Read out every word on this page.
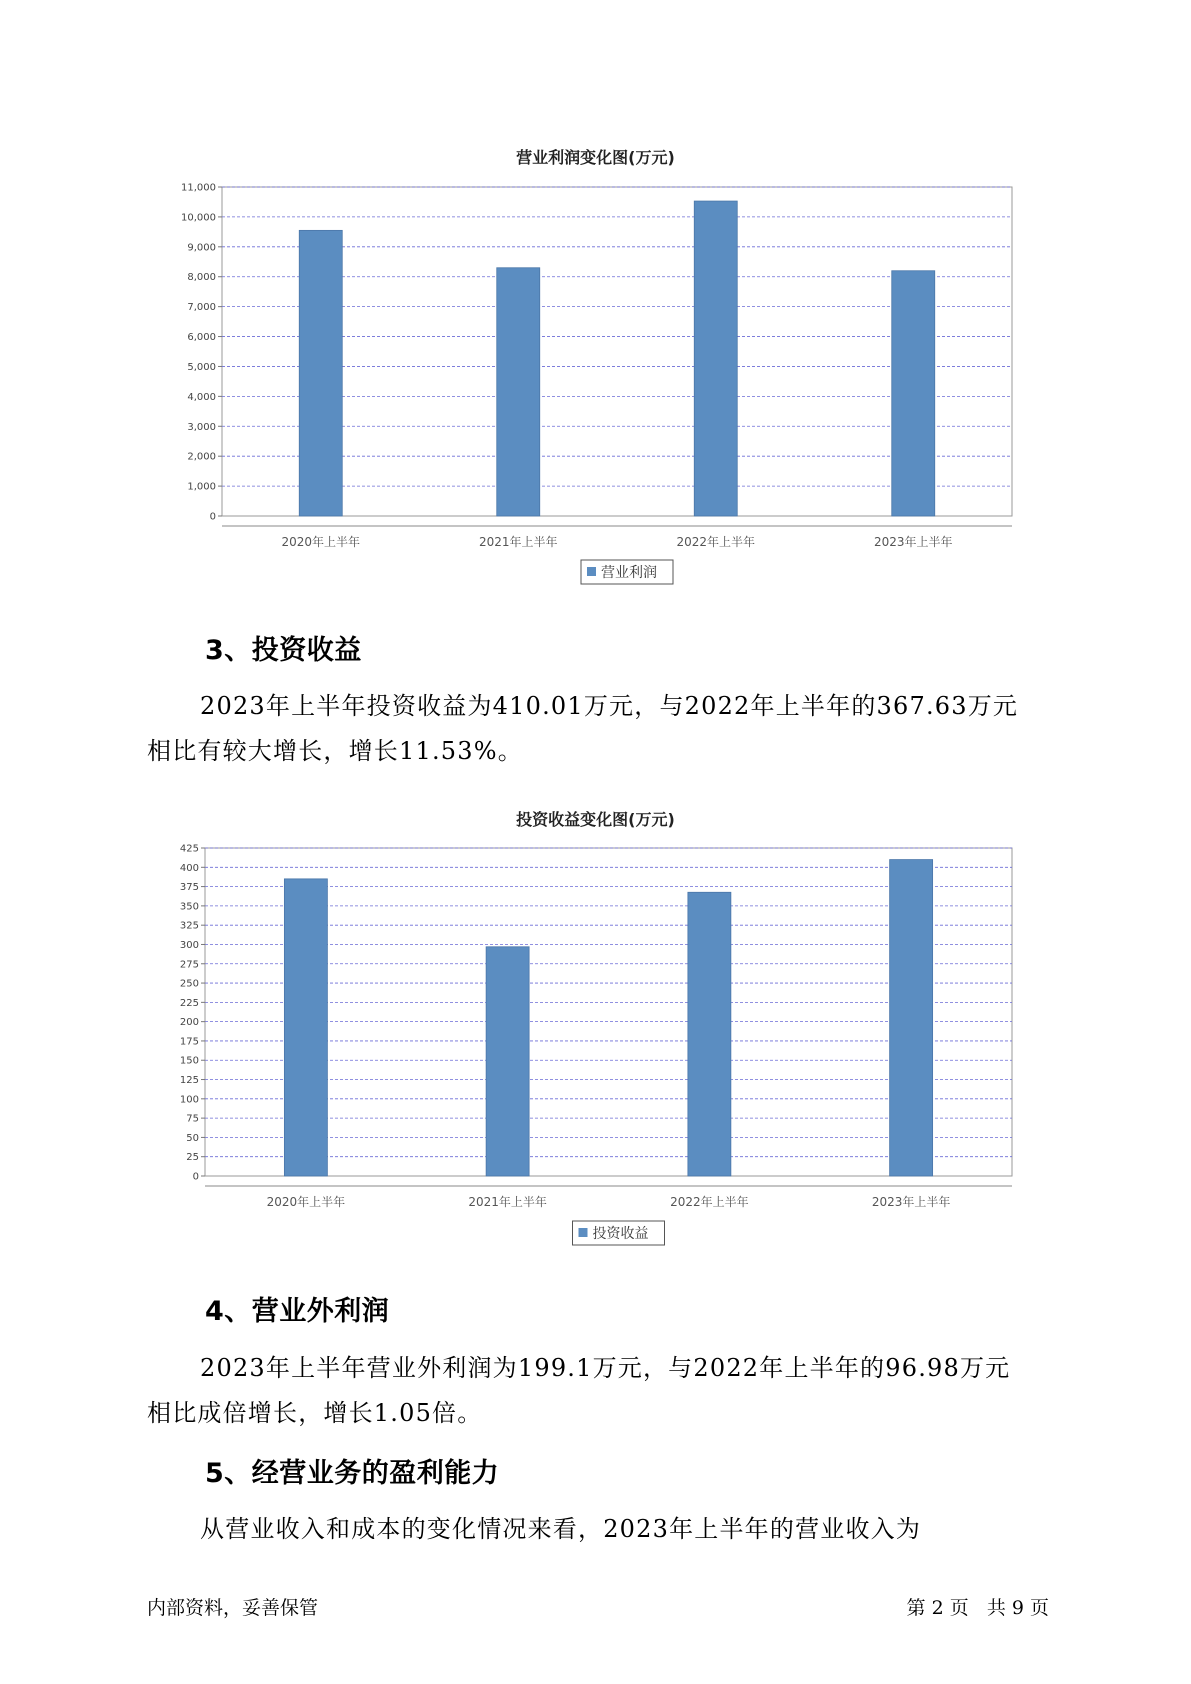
营业利润变化图(万元)
0
1,000
2,000
3,000
4,000
5,000
6,000
7,000
8,000
9,000
10,000
11,000
2020年上半年	2021年上半年	2022年上半年	2023年上半年
营业利润
3、投资收益
2023年上半年投资收益为410.01万元，与2022年上半年的367.63万元
相比有较大增长，增长11.53%。
投资收益变化图(万元)
0
25
50
75
100
125
150
175
200
225
250
275
300
325
350
375
400
425
2020年上半年	2021年上半年	2022年上半年	2023年上半年
投资收益
4、营业外利润
2023年上半年营业外利润为199.1万元，与2022年上半年的96.98万元
相比成倍增长，增长1.05倍。
5、经营业务的盈利能力
从营业收入和成本的变化情况来看，2023年上半年的营业收入为
内部资料，妥善保管	第 2 页   共 9 页
